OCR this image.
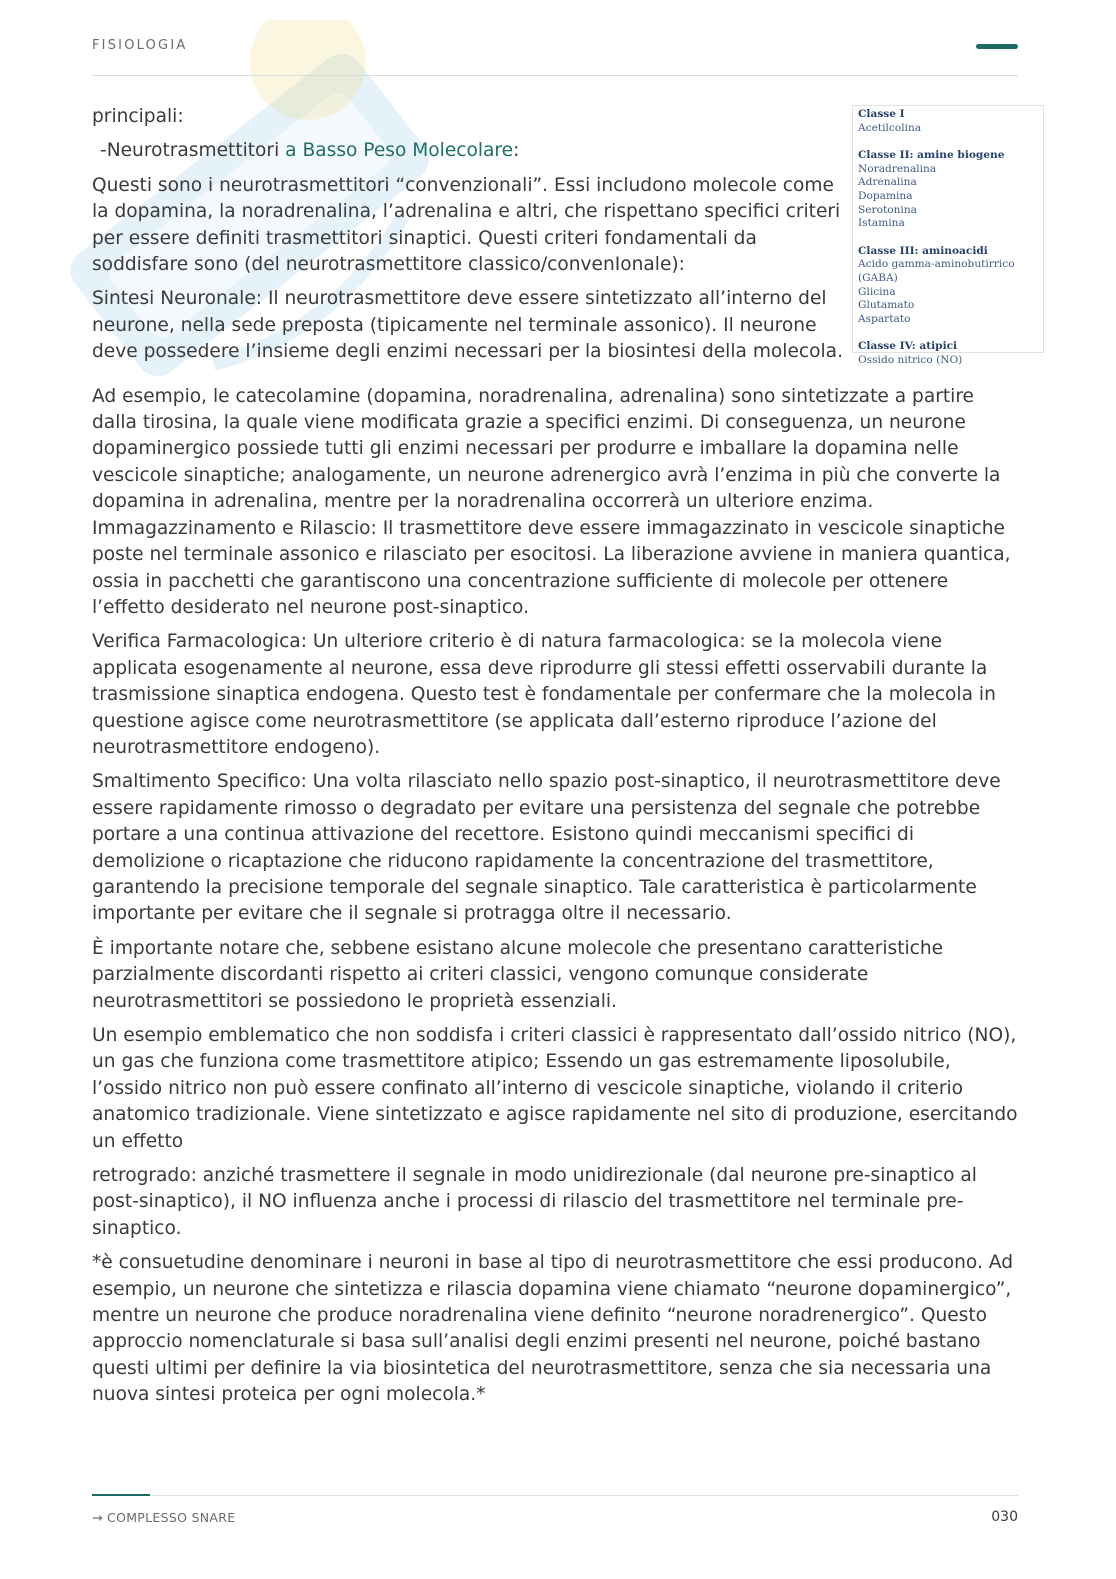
FISIOLOGIA

principali:

-Neurotrasmettitori a Basso Peso Molecolare:

Questi sono i neurotrasmettitori “convenzionali”. Essi includono molecole come la dopamina, la noradrenalina, l’adrenalina e altri, che rispettano specifici criteri per essere definiti trasmettitori sinaptici. Questi criteri fondamentali da soddisfare sono (del neurotrasmettitore classico/convenIonale):

Sintesi Neuronale: Il neurotrasmettitore deve essere sintetizzato all’interno del neurone, nella sede preposta (tipicamente nel terminale assonico). Il neurone deve possedere l’insieme degli enzimi necessari per la biosintesi della molecola.

Ad esempio, le catecolamine (dopamina, noradrenalina, adrenalina) sono sintetizzate a partire dalla tirosina, la quale viene modificata grazie a specifici enzimi. Di conseguenza, un neurone dopaminergico possiede tutti gli enzimi necessari per produrre e imballare la dopamina nelle vescicole sinaptiche; analogamente, un neurone adrenergico avrà l’enzima in più che converte la dopamina in adrenalina, mentre per la noradrenalina occorrerà un ulteriore enzima. Immagazzinamento e Rilascio: Il trasmettitore deve essere immagazzinato in vescicole sinaptiche poste nel terminale assonico e rilasciato per esocitosi. La liberazione avviene in maniera quantica, ossia in pacchetti che garantiscono una concentrazione sufficiente di molecole per ottenere l’effetto desiderato nel neurone post-sinaptico.

Verifica Farmacologica: Un ulteriore criterio è di natura farmacologica: se la molecola viene applicata esogenamente al neurone, essa deve riprodurre gli stessi effetti osservabili durante la trasmissione sinaptica endogena. Questo test è fondamentale per confermare che la molecola in questione agisce come neurotrasmettitore (se applicata dall’esterno riproduce l’azione del neurotrasmettitore endogeno).

Smaltimento Specifico: Una volta rilasciato nello spazio post-sinaptico, il neurotrasmettitore deve essere rapidamente rimosso o degradato per evitare una persistenza del segnale che potrebbe portare a una continua attivazione del recettore. Esistono quindi meccanismi specifici di demolizione o ricaptazione che riducono rapidamente la concentrazione del trasmettitore, garantendo la precisione temporale del segnale sinaptico. Tale caratteristica è particolarmente importante per evitare che il segnale si protragga oltre il necessario.

È importante notare che, sebbene esistano alcune molecole che presentano caratteristiche parzialmente discordanti rispetto ai criteri classici, vengono comunque considerate neurotrasmettitori se possiedono le proprietà essenziali.

Un esempio emblematico che non soddisfa i criteri classici è rappresentato dall’ossido nitrico (NO), un gas che funziona come trasmettitore atipico; Essendo un gas estremamente liposolubile, l’ossido nitrico non può essere confinato all’interno di vescicole sinaptiche, violando il criterio anatomico tradizionale. Viene sintetizzato e agisce rapidamente nel sito di produzione, esercitando un effetto

retrogrado: anziché trasmettere il segnale in modo unidirezionale (dal neurone pre-sinaptico al post-sinaptico), il NO influenza anche i processi di rilascio del trasmettitore nel terminale pre-sinaptico.

*è consuetudine denominare i neuroni in base al tipo di neurotrasmettitore che essi producono. Ad esempio, un neurone che sintetizza e rilascia dopamina viene chiamato “neurone dopaminergico”, mentre un neurone che produce noradrenalina viene definito “neurone noradrenergico”. Questo approccio nomenclaturale si basa sull’analisi degli enzimi presenti nel neurone, poiché bastano questi ultimi per definire la via biosintetica del neurotrasmettitore, senza che sia necessaria una nuova sintesi proteica per ogni molecola.*

Classe I
Acetilcolina
Classe II: amine biogene
Noradrenalina
Adrenalina
Dopamina
Serotonina
Istamina
Classe III: aminoacidi
Acido gamma-aminobutirrico (GABA)
Glicina
Glutamato
Aspartato
Classe IV: atipici
Ossido nitrico (NO)
→ COMPLESSO SNARE	030
